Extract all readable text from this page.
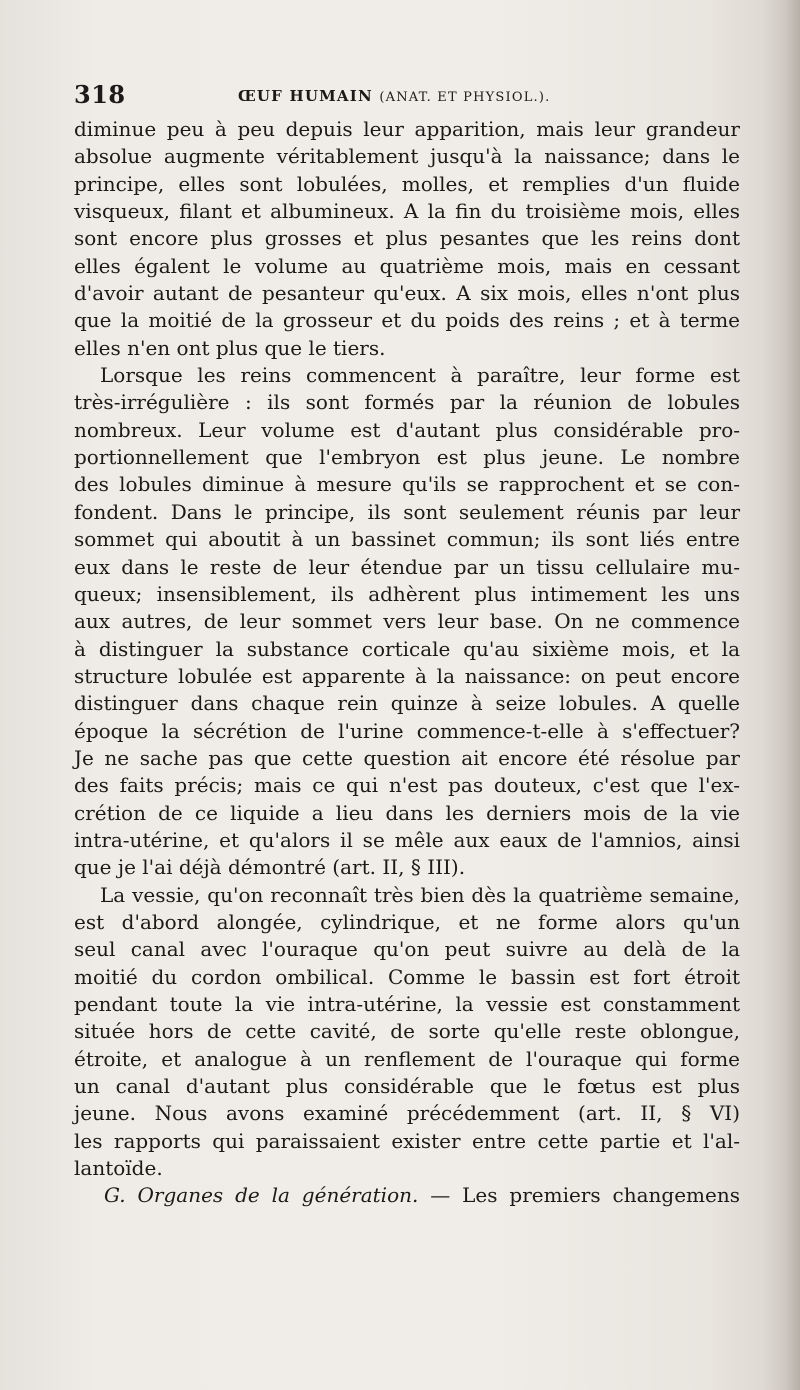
318	ŒUF HUMAIN (ANAT. ET PHYSIOL.).
diminue peu à peu depuis leur apparition, mais leur grandeur
absolue augmente véritablement jusqu'à la naissance; dans le
principe, elles sont lobulées, molles, et remplies d'un fluide
visqueux, filant et albumineux. A la fin du troisième mois, elles
sont encore plus grosses et plus pesantes que les reins dont
elles égalent le volume au quatrième mois, mais en cessant
d'avoir autant de pesanteur qu'eux. A six mois, elles n'ont plus
que la moitié de la grosseur et du poids des reins ; et à terme
elles n'en ont plus que le tiers.
Lorsque les reins commencent à paraître, leur forme est
très-irrégulière : ils sont formés par la réunion de lobules
nombreux. Leur volume est d'autant plus considérable pro-
portionnellement que l'embryon est plus jeune. Le nombre
des lobules diminue à mesure qu'ils se rapprochent et se con-
fondent. Dans le principe, ils sont seulement réunis par leur
sommet qui aboutit à un bassinet commun; ils sont liés entre
eux dans le reste de leur étendue par un tissu cellulaire mu-
queux; insensiblement, ils adhèrent plus intimement les uns
aux autres, de leur sommet vers leur base. On ne commence
à distinguer la substance corticale qu'au sixième mois, et la
structure lobulée est apparente à la naissance: on peut encore
distinguer dans chaque rein quinze à seize lobules. A quelle
époque la sécrétion de l'urine commence-t-elle à s'effectuer?
Je ne sache pas que cette question ait encore été résolue par
des faits précis; mais ce qui n'est pas douteux, c'est que l'ex-
crétion de ce liquide a lieu dans les derniers mois de la vie
intra-utérine, et qu'alors il se mêle aux eaux de l'amnios, ainsi
que je l'ai déjà démontré (art. II, § III).
La vessie, qu'on reconnaît très bien dès la quatrième semaine,
est d'abord alongée, cylindrique, et ne forme alors qu'un
seul canal avec l'ouraque qu'on peut suivre au delà de la
moitié du cordon ombilical. Comme le bassin est fort étroit
pendant toute la vie intra-utérine, la vessie est constamment
située hors de cette cavité, de sorte qu'elle reste oblongue,
étroite, et analogue à un renflement de l'ouraque qui forme
un canal d'autant plus considérable que le fœtus est plus
jeune. Nous avons examiné précédemment (art. II, § VI)
les rapports qui paraissaient exister entre cette partie et l'al-
lantoïde.
G. Organes de la génération. — Les premiers changemens
